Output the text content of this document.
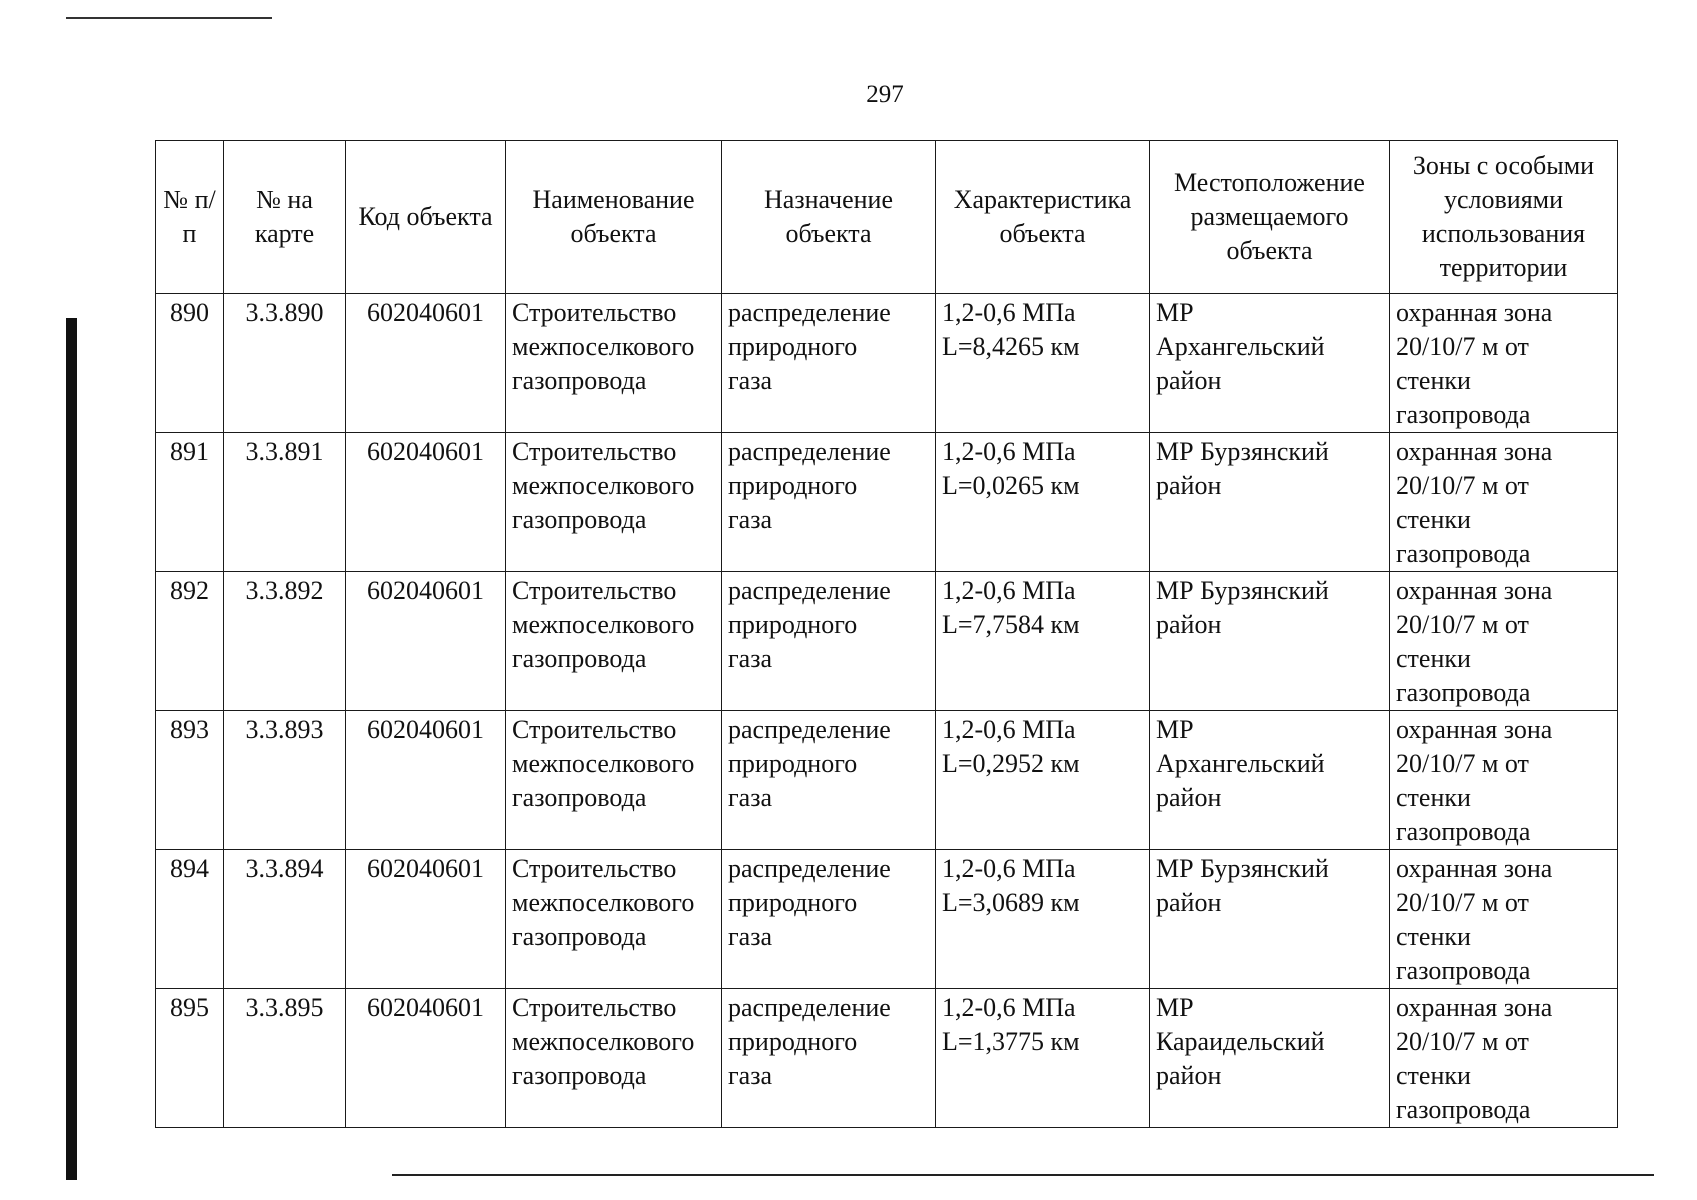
297
№ п/п	№ на карте	Код объекта	Наименование объекта	Назначение объекта	Характеристика объекта	Местоположение размещаемого объекта	Зоны с особыми условиями использования территории
890	3.3.890	602040601	Строительство
межпоселкового
газопровода	распределение
природного
газа	1,2-0,6 МПа
L=8,4265 км	МР
Архангельский
район	охранная зона
20/10/7 м от
стенки
газопровода

891	3.3.891	602040601	Строительство
межпоселкового
газопровода	распределение
природного
газа	1,2-0,6 МПа
L=0,0265 км	МР Бурзянский
район	охранная зона
20/10/7 м от
стенки
газопровода

892	3.3.892	602040601	Строительство
межпоселкового
газопровода	распределение
природного
газа	1,2-0,6 МПа
L=7,7584 км	МР Бурзянский
район	охранная зона
20/10/7 м от
стенки
газопровода

893	3.3.893	602040601	Строительство
межпоселкового
газопровода	распределение
природного
газа	1,2-0,6 МПа
L=0,2952 км	МР
Архангельский
район	охранная зона
20/10/7 м от
стенки
газопровода

894	3.3.894	602040601	Строительство
межпоселкового
газопровода	распределение
природного
газа	1,2-0,6 МПа
L=3,0689 км	МР Бурзянский
район	охранная зона
20/10/7 м от
стенки
газопровода

895	3.3.895	602040601	Строительство
межпоселкового
газопровода	распределение
природного
газа	1,2-0,6 МПа
L=1,3775 км	МР
Караидельский
район	охранная зона
20/10/7 м от
стенки
газопровода
